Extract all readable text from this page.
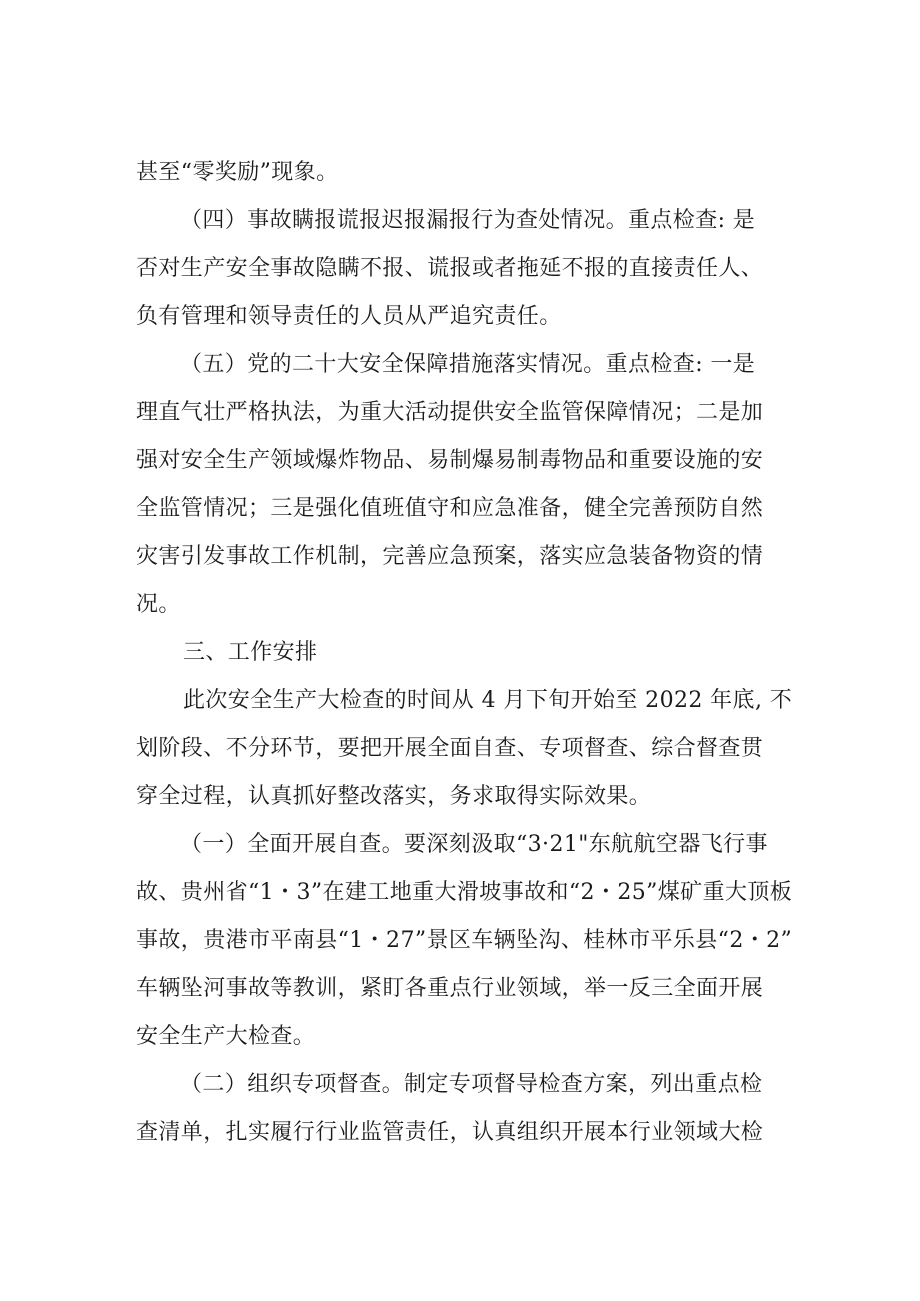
甚至“零奖励”现象。
（四）事故瞒报谎报迟报漏报行为查处情况。重点检查: 是
否对生产安全事故隐瞒不报、谎报或者拖延不报的直接责任人、
负有管理和领导责任的人员从严追究责任。
（五）党的二十大安全保障措施落实情况。重点检查: 一是
理直气壮严格执法，为重大活动提供安全监管保障情况；二是加
强对安全生产领域爆炸物品、易制爆易制毒物品和重要设施的安
全监管情况；三是强化值班值守和应急准备，健全完善预防自然
灾害引发事故工作机制，完善应急预案，落实应急装备物资的情
况。
三、工作安排
此次安全生产大检查的时间从 4 月下旬开始至 2022 年底, 不
划阶段、不分环节，要把开展全面自查、专项督查、综合督查贯
穿全过程，认真抓好整改落实，务求取得实际效果。
（一）全面开展自查。要深刻汲取“3·21"东航航空器飞行事
故、贵州省“1・3”在建工地重大滑坡事故和“2・25”煤矿重大顶板
事故，贵港市平南县“1・27”景区车辆坠沟、桂林市平乐县“2・2”
车辆坠河事故等教训，紧盯各重点行业领域，举一反三全面开展
安全生产大检查。
（二）组织专项督查。制定专项督导检查方案，列出重点检
查清单，扎实履行行业监管责任，认真组织开展本行业领域大检
